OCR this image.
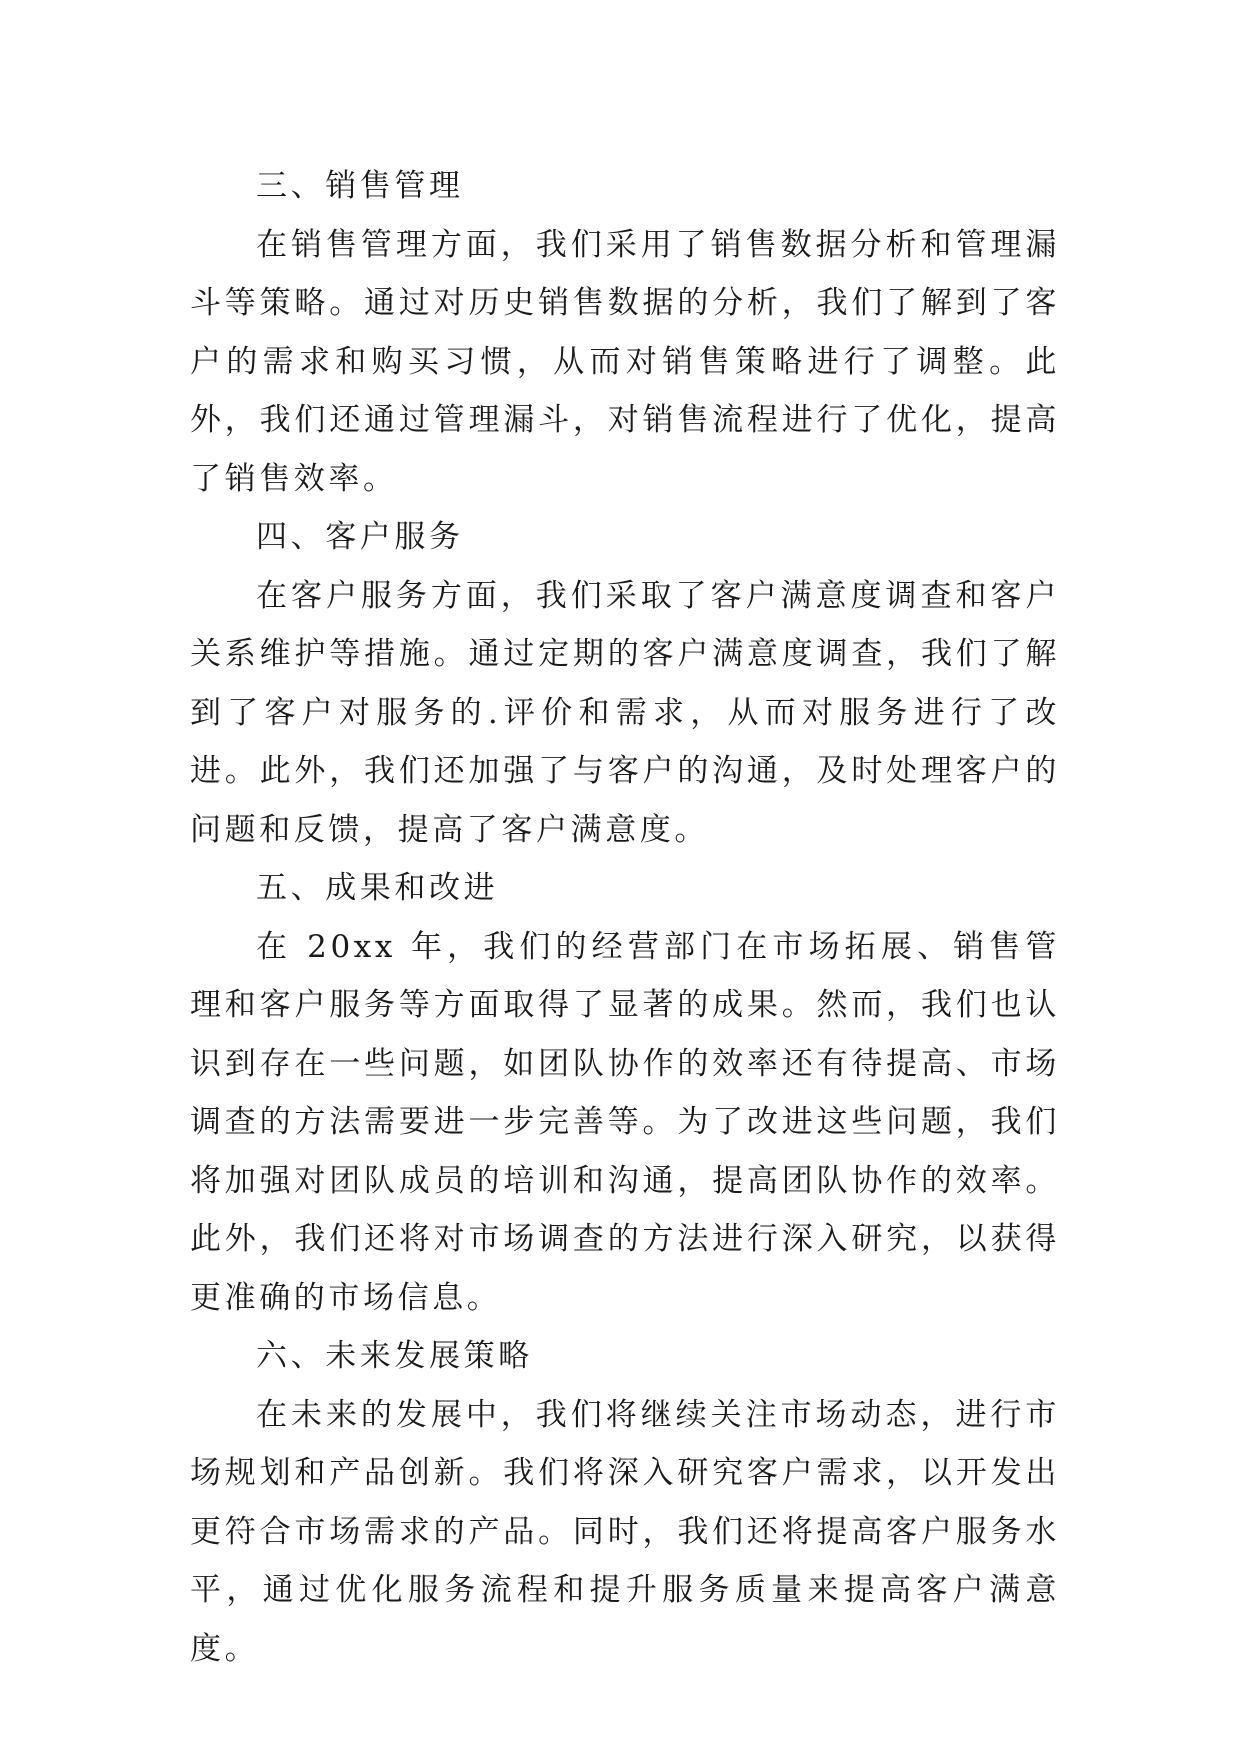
三、销售管理

在销售管理方面，我们采用了销售数据分析和管理漏斗等策略。通过对历史销售数据的分析，我们了解到了客户的需求和购买习惯，从而对销售策略进行了调整。此外，我们还通过管理漏斗，对销售流程进行了优化，提高了销售效率。

四、客户服务

在客户服务方面，我们采取了客户满意度调查和客户关系维护等措施。通过定期的客户满意度调查，我们了解到了客户对服务的.评价和需求，从而对服务进行了改进。此外，我们还加强了与客户的沟通，及时处理客户的问题和反馈，提高了客户满意度。

五、成果和改进

在 20xx 年，我们的经营部门在市场拓展、销售管理和客户服务等方面取得了显著的成果。然而，我们也认识到存在一些问题，如团队协作的效率还有待提高、市场调查的方法需要进一步完善等。为了改进这些问题，我们将加强对团队成员的培训和沟通，提高团队协作的效率。此外，我们还将对市场调查的方法进行深入研究，以获得更准确的市场信息。

六、未来发展策略

在未来的发展中，我们将继续关注市场动态，进行市场规划和产品创新。我们将深入研究客户需求，以开发出更符合市场需求的产品。同时，我们还将提高客户服务水平，通过优化服务流程和提升服务质量来提高客户满意度。
